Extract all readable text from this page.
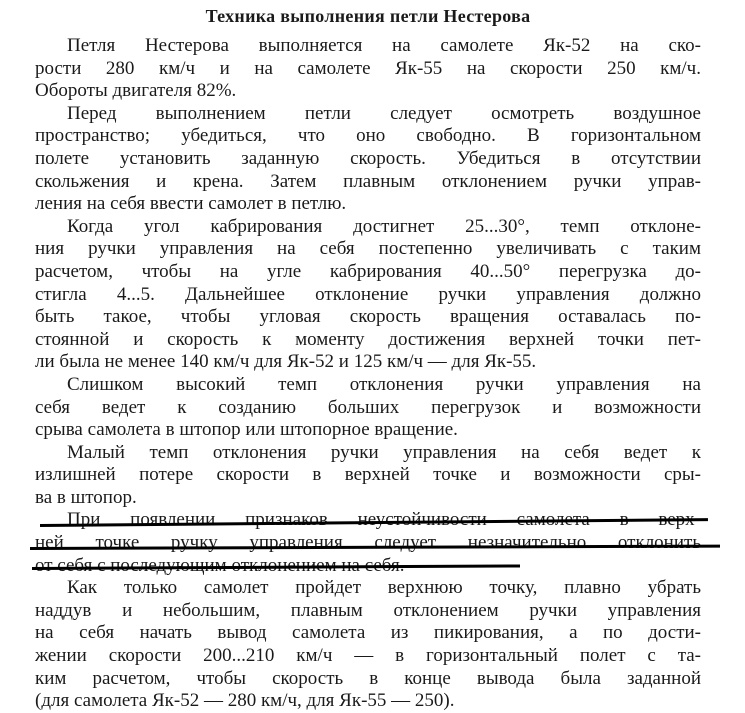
Техника выполнения петли Нестерова
Петля Нестерова выполняется на самолете Як-52 на ско-
рости 280 км/ч и на самолете Як-55 на скорости 250 км/ч.
Обороты двигателя 82%.
Перед выполнением петли следует осмотреть воздушное
пространство; убедиться, что оно свободно. В горизонтальном
полете установить заданную скорость. Убедиться в отсутствии
скольжения и крена. Затем плавным отклонением ручки управ-
ления на себя ввести самолет в петлю.
Когда угол кабрирования достигнет 25...30°, темп отклоне-
ния ручки управления на себя постепенно увеличивать с таким
расчетом, чтобы на угле кабрирования 40...50° перегрузка до-
стигла 4...5. Дальнейшее отклонение ручки управления должно
быть такое, чтобы угловая скорость вращения оставалась по-
стоянной и скорость к моменту достижения верхней точки пет-
ли была не менее 140 км/ч для Як-52 и 125 км/ч — для Як-55.
Слишком высокий темп отклонения ручки управления на
себя ведет к созданию больших перегрузок и возможности
срыва самолета в штопор или штопорное вращение.
Малый темп отклонения ручки управления на себя ведет к
излишней потере скорости в верхней точке и возможности сры-
ва в штопор.
При появлении признаков неустойчивости самолета в верх-
ней точке ручку управления следует незначительно отклонить
от себя с последующим отклонением на себя.
Как только самолет пройдет верхнюю точку, плавно убрать
наддув и небольшим, плавным отклонением ручки управления
на себя начать вывод самолета из пикирования, а по дости-
жении скорости 200...210 км/ч — в горизонтальный полет с та-
ким расчетом, чтобы скорость в конце вывода была заданной
(для самолета Як-52 — 280 км/ч, для Як-55 — 250).
